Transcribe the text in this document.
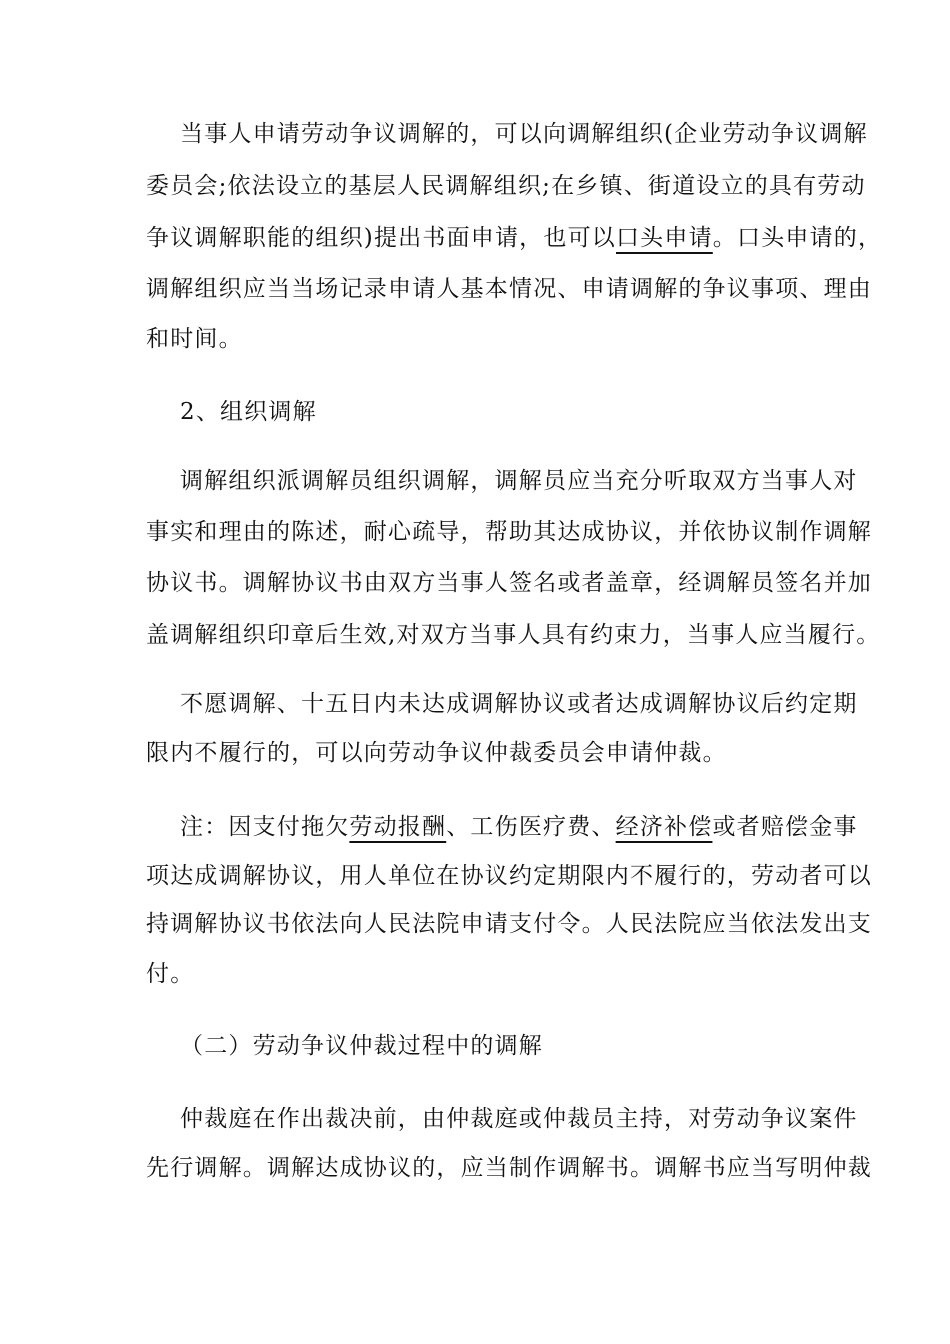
当事人申请劳动争议调解的，可以向调解组织(企业劳动争议调解
委员会;依法设立的基层人民调解组织;在乡镇、街道设立的具有劳动
争议调解职能的组织)提出书面申请，也可以口头申请。口头申请的，
调解组织应当当场记录申请人基本情况、申请调解的争议事项、理由
和时间。
2、组织调解
调解组织派调解员组织调解，调解员应当充分听取双方当事人对
事实和理由的陈述，耐心疏导，帮助其达成协议，并依协议制作调解
协议书。调解协议书由双方当事人签名或者盖章，经调解员签名并加
盖调解组织印章后生效,对双方当事人具有约束力，当事人应当履行。
不愿调解、十五日内未达成调解协议或者达成调解协议后约定期
限内不履行的，可以向劳动争议仲裁委员会申请仲裁。
注：因支付拖欠劳动报酬、工伤医疗费、经济补偿或者赔偿金事
项达成调解协议，用人单位在协议约定期限内不履行的，劳动者可以
持调解协议书依法向人民法院申请支付令。人民法院应当依法发出支
付。
（二）劳动争议仲裁过程中的调解
仲裁庭在作出裁决前，由仲裁庭或仲裁员主持，对劳动争议案件
先行调解。调解达成协议的，应当制作调解书。调解书应当写明仲裁
